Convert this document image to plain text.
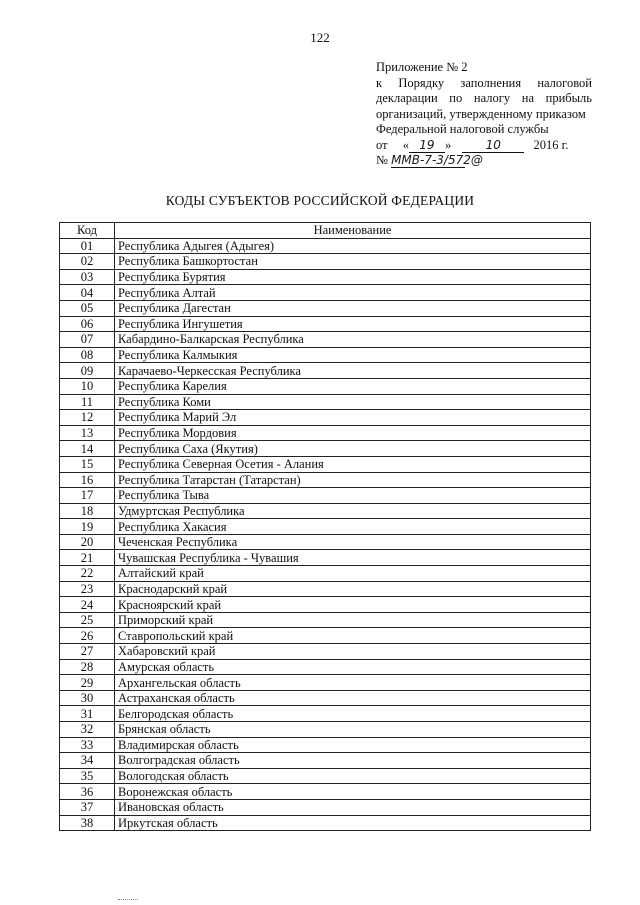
122
Приложение № 2
к Порядку заполнения налоговой
декларации по налогу на прибыль
организаций, утвержденному приказом
Федеральной налоговой службы
от « 19 »	10	2016 г.
№ ММВ-7-3/572@
КОДЫ СУБЪЕКТОВ РОССИЙСКОЙ ФЕДЕРАЦИИ
Код	Наименование
01	Республика Адыгея (Адыгея)
02	Республика Башкортостан
03	Республика Бурятия
04	Республика Алтай
05	Республика Дагестан
06	Республика Ингушетия
07	Кабардино-Балкарская Республика
08	Республика Калмыкия
09	Карачаево-Черкесская Республика
10	Республика Карелия
11	Республика Коми
12	Республика Марий Эл
13	Республика Мордовия
14	Республика Саха (Якутия)
15	Республика Северная Осетия - Алания
16	Республика Татарстан (Татарстан)
17	Республика Тыва
18	Удмуртская Республика
19	Республика Хакасия
20	Чеченская Республика
21	Чувашская Республика - Чувашия
22	Алтайский край
23	Краснодарский край
24	Красноярский край
25	Приморский край
26	Ставропольский край
27	Хабаровский край
28	Амурская область
29	Архангельская область
30	Астраханская область
31	Белгородская область
32	Брянская область
33	Владимирская область
34	Волгоградская область
35	Вологодская область
36	Воронежская область
37	Ивановская область
38	Иркутская область
